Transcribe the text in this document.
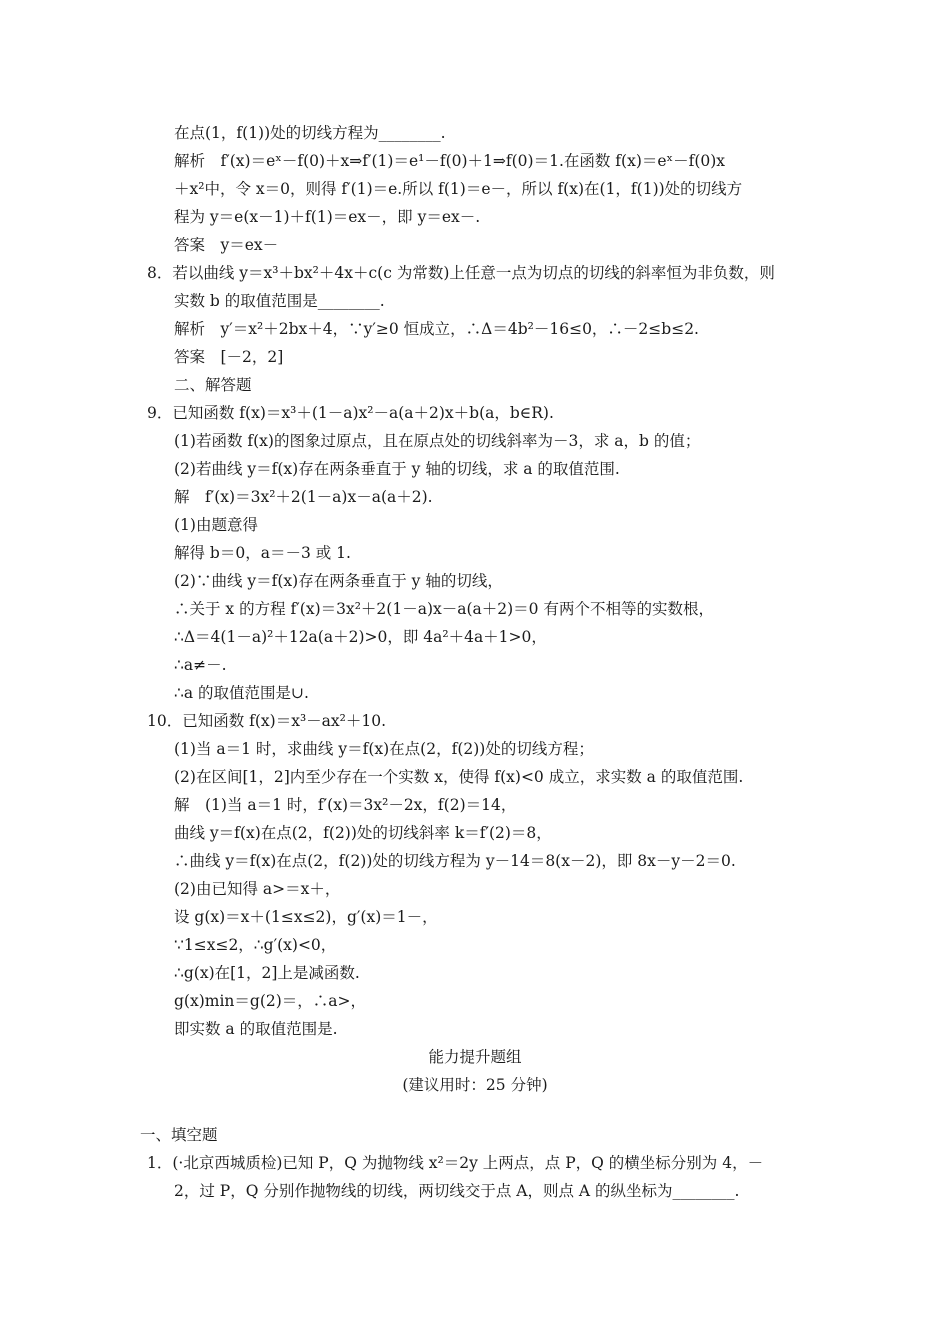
在点(1，f(1))处的切线方程为________.
解析　f′(x)＝eˣ－f(0)＋x⇒f′(1)＝e¹－f(0)＋1⇒f(0)＝1.在函数 f(x)＝eˣ－f(0)x
＋x²中，令 x＝0，则得 f′(1)＝e.所以 f(1)＝e－，所以 f(x)在(1，f(1))处的切线方
程为 y＝e(x－1)＋f(1)＝ex－，即 y＝ex－.
答案　y＝ex－
8．若以曲线 y＝x³＋bx²＋4x＋c(c 为常数)上任意一点为切点的切线的斜率恒为非负数，则
实数 b 的取值范围是________.
解析　y′＝x²＋2bx＋4，∵y′≥0 恒成立，∴Δ＝4b²－16≤0，∴－2≤b≤2.
答案　[－2，2]
二、解答题
9．已知函数 f(x)＝x³＋(1－a)x²－a(a＋2)x＋b(a，b∈R).
(1)若函数 f(x)的图象过原点，且在原点处的切线斜率为－3，求 a，b 的值；
(2)若曲线 y＝f(x)存在两条垂直于 y 轴的切线，求 a 的取值范围.
解　f′(x)＝3x²＋2(1－a)x－a(a＋2).
(1)由题意得
解得 b＝0，a＝－3 或 1.
(2)∵曲线 y＝f(x)存在两条垂直于 y 轴的切线，
∴关于 x 的方程 f′(x)＝3x²＋2(1－a)x－a(a＋2)＝0 有两个不相等的实数根，
∴Δ＝4(1－a)²＋12a(a＋2)>0，即 4a²＋4a＋1>0，
∴a≠－.
∴a 的取值范围是∪.
10．已知函数 f(x)＝x³－ax²＋10.
(1)当 a＝1 时，求曲线 y＝f(x)在点(2，f(2))处的切线方程；
(2)在区间[1，2]内至少存在一个实数 x，使得 f(x)<0 成立，求实数 a 的取值范围.
解　(1)当 a＝1 时，f′(x)＝3x²－2x，f(2)＝14，
曲线 y＝f(x)在点(2，f(2))处的切线斜率 k＝f′(2)＝8，
∴曲线 y＝f(x)在点(2，f(2))处的切线方程为 y－14＝8(x－2)，即 8x－y－2＝0.
(2)由已知得 a>＝x＋，
设 g(x)＝x＋(1≤x≤2)，g′(x)＝1－，
∵1≤x≤2，∴g′(x)<0，
∴g(x)在[1，2]上是减函数.
g(x)min＝g(2)＝，∴a>，
即实数 a 的取值范围是.
能力提升题组
(建议用时：25 分钟)
一、填空题
1．(·北京西城质检)已知 P，Q 为抛物线 x²＝2y 上两点，点 P，Q 的横坐标分别为 4，－
2，过 P，Q 分别作抛物线的切线，两切线交于点 A，则点 A 的纵坐标为________.
